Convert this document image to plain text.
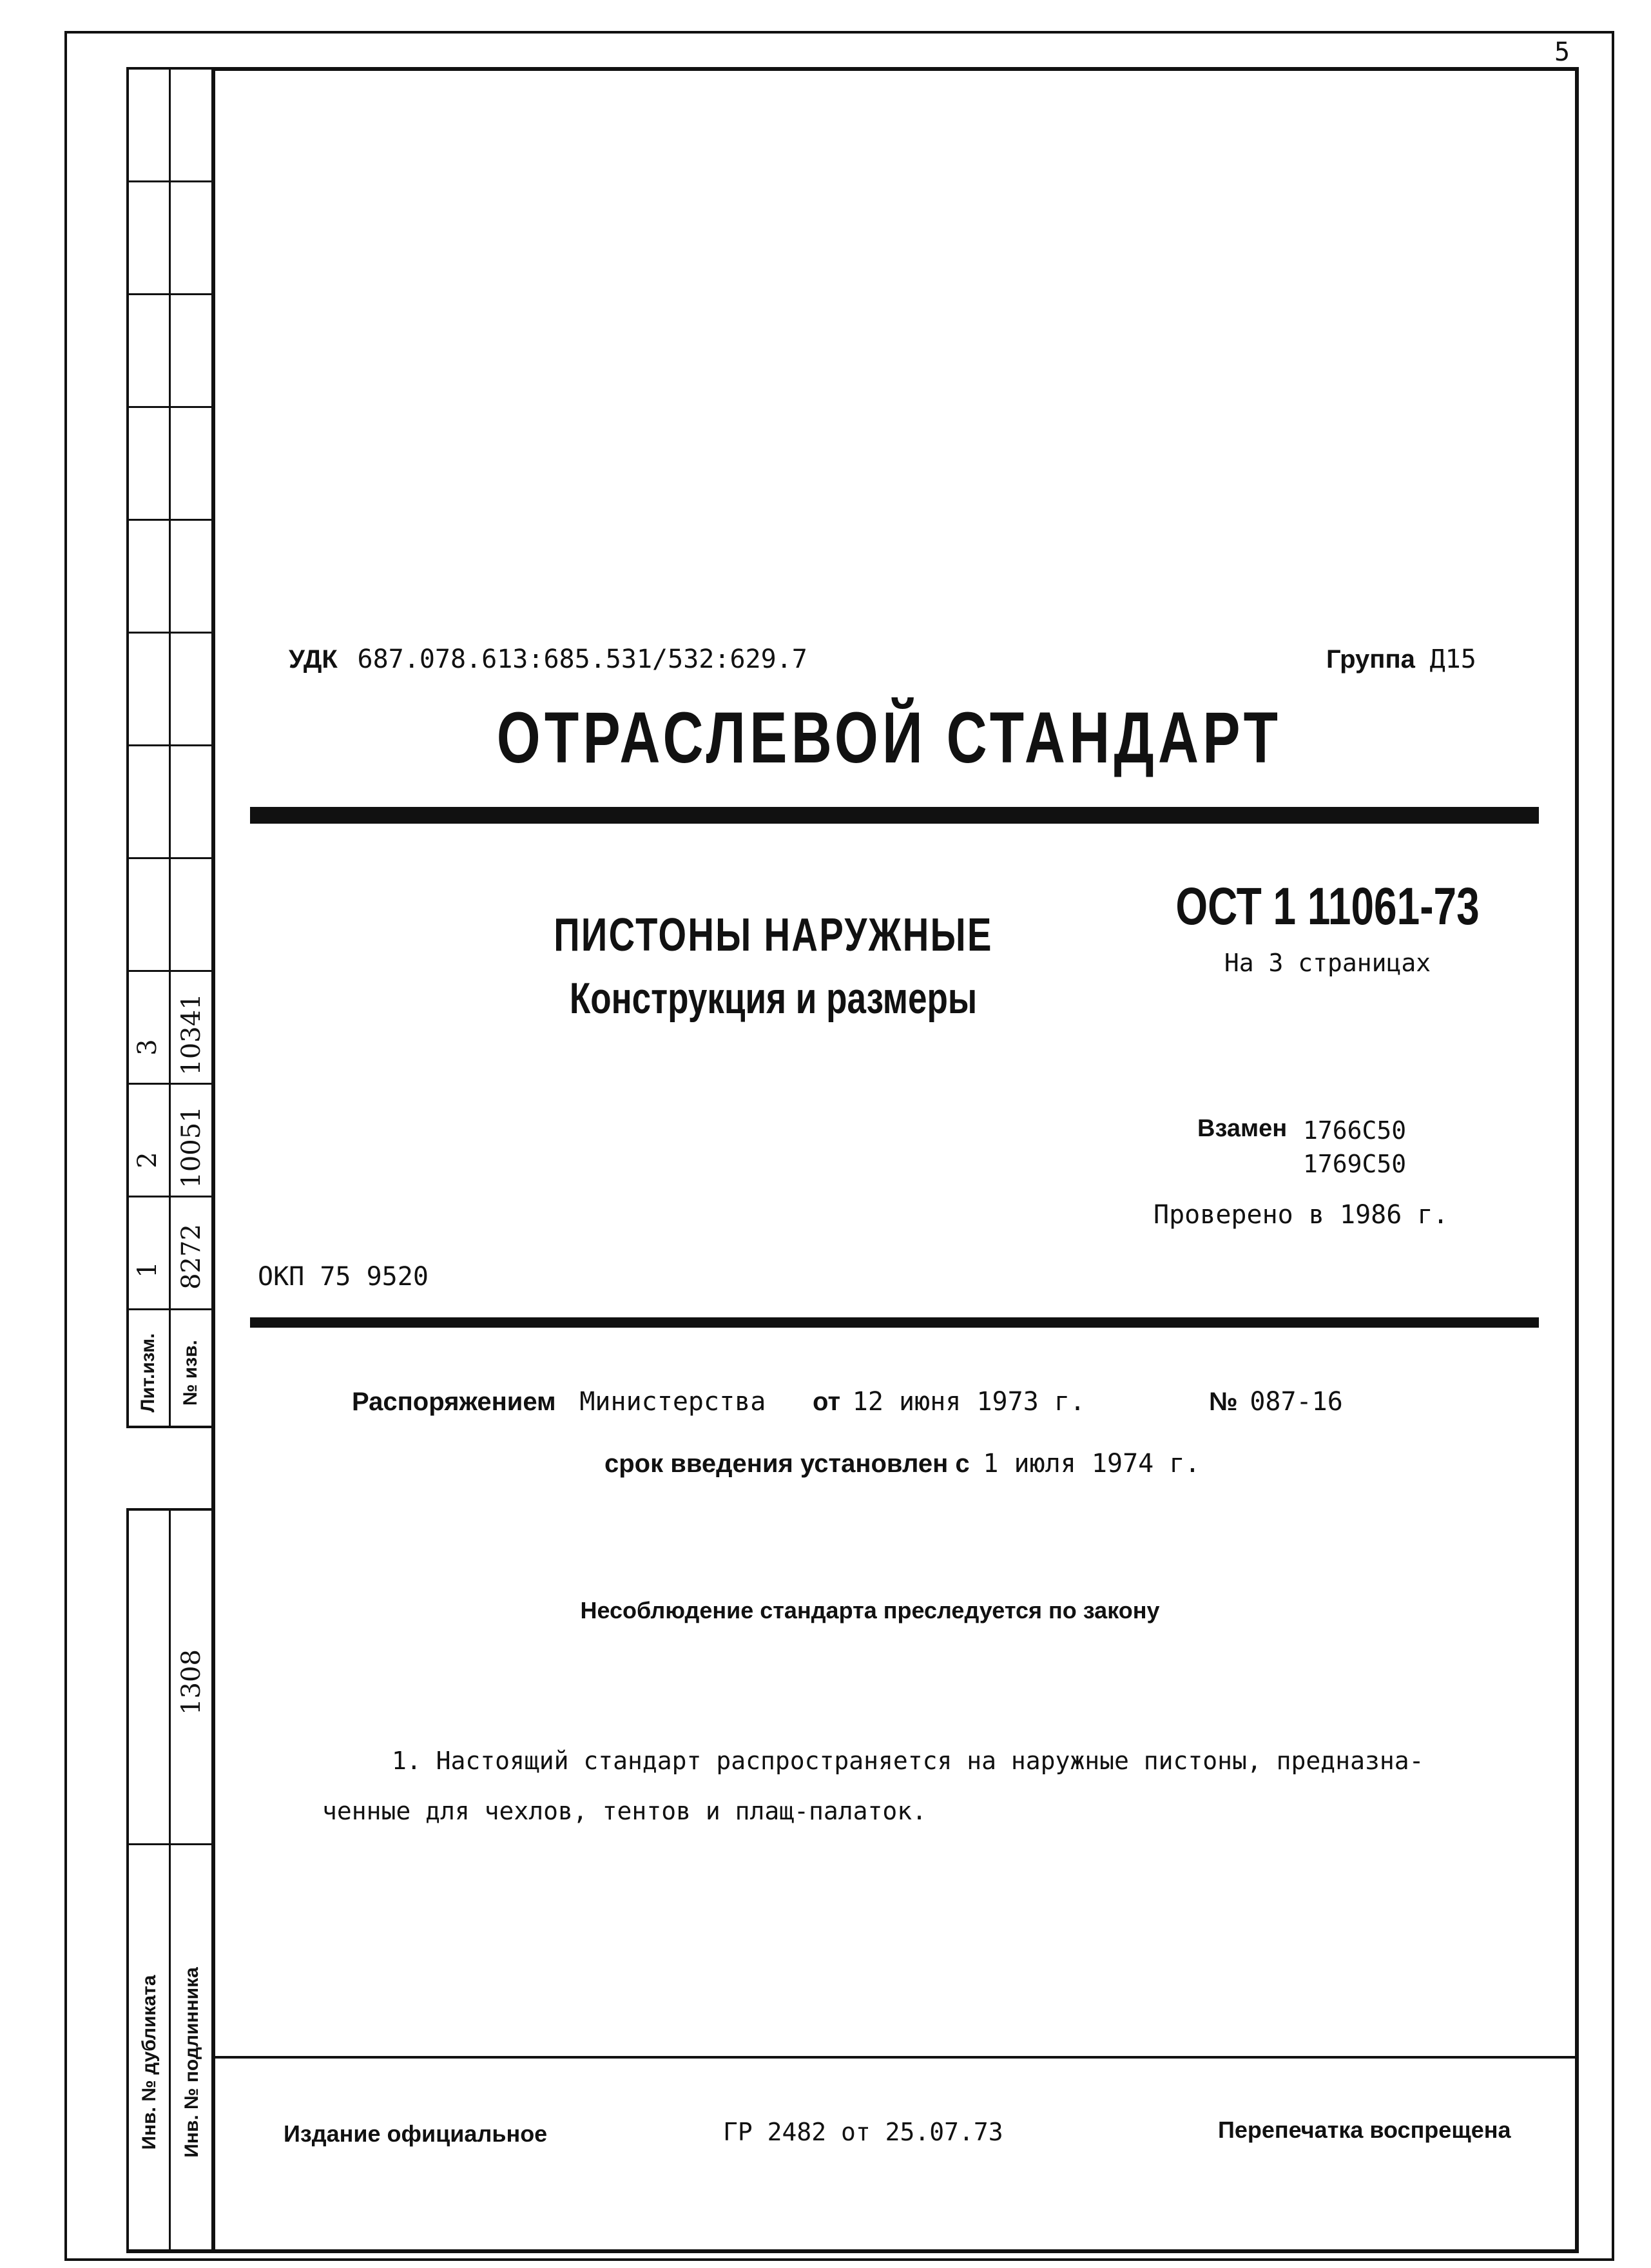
5
3 10341
2 10051
1 8272
Лит.изм.	№ изв.
1308
Инв. № дубликата	Инв. № подлинника
УДК 687.078.613:685.531/532:629.7	Группа Д15
ОТРАСЛЕВОЙ СТАНДАРТ
ПИСТОНЫ НАРУЖНЫЕ
Конструкция и размеры
ОСТ 1 11061-73
На 3 страницах
Взамен 1766С50
1769С50
Проверено в 1986 г.
ОКП 75 9520
Распоряжением Министерства от 12 июня 1973 г.	№ 087-16
срок введения установлен с 1 июля 1974 г.
Несоблюдение стандарта преследуется по закону
1. Настоящий стандарт распространяется на наружные пистоны, предназна-
ченные для чехлов, тентов и плащ-палаток.
Издание официальное	ГР 2482 от 25.07.73	Перепечатка воспрещена
